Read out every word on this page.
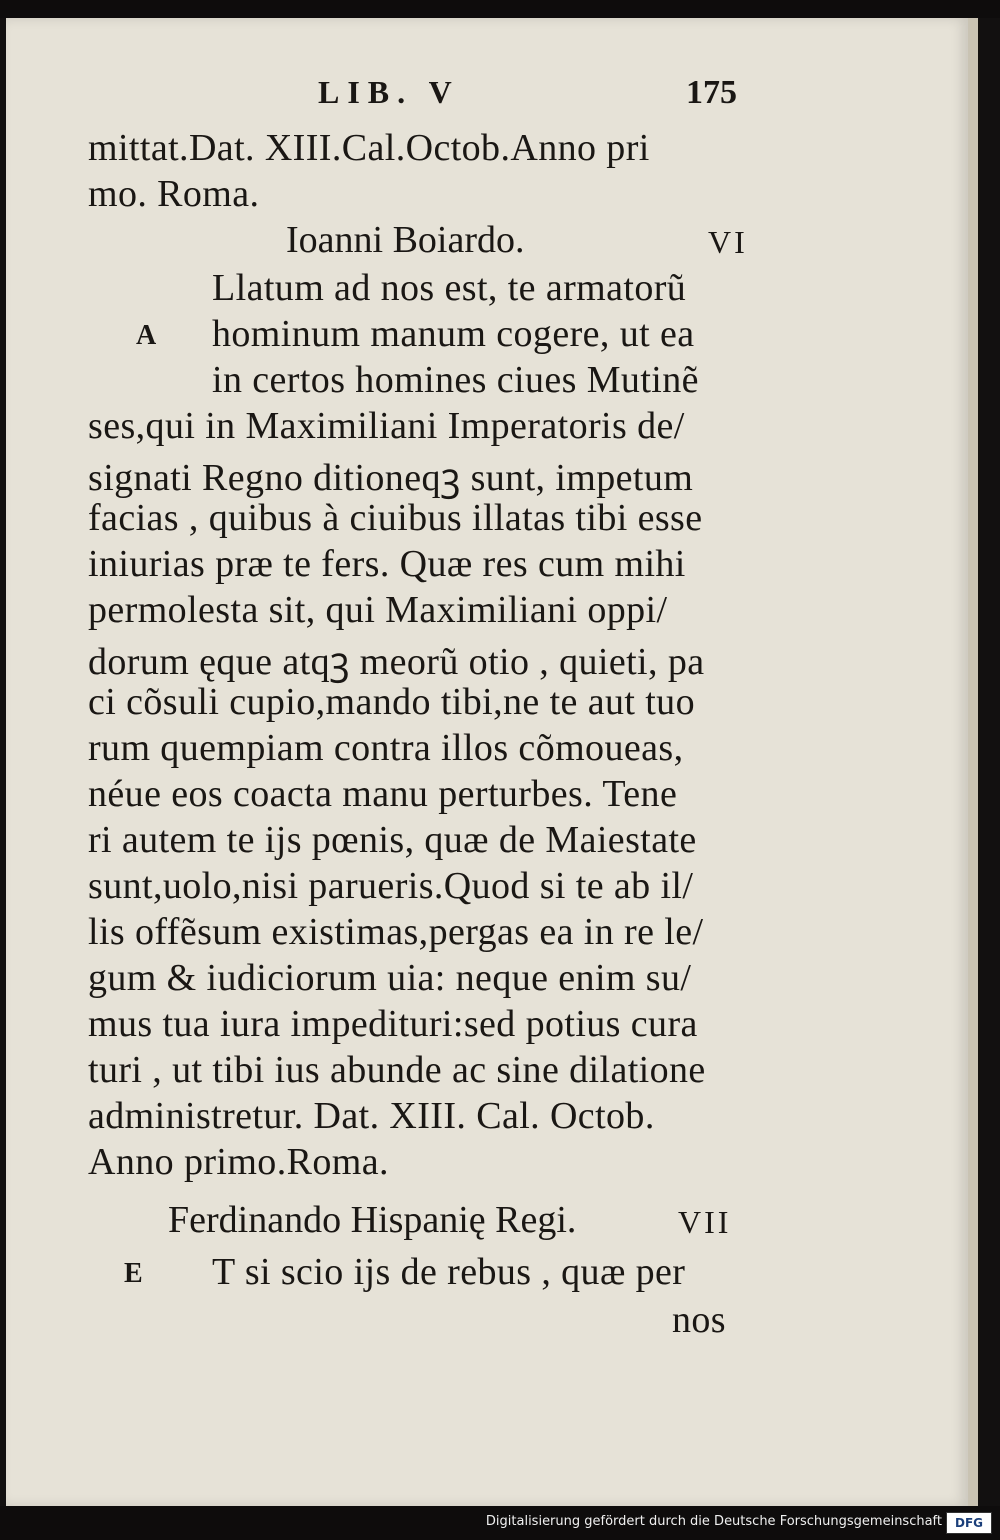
LIB. V	175
mittat.Dat. XIII.Cal.Octob.Anno pri
mo. Roma.
Ioanni Boiardo.	VI
A
Llatum ad nos est, te armatorũ
hominum manum cogere, ut ea
in certos homines ciues Mutinẽ
ses,qui in Maximiliani Imperatoris de/
signati Regno ditioneqꝫ sunt, impetum
facias , quibus à ciuibus illatas tibi esse
iniurias præ te fers. Quæ res cum mihi
permolesta sit, qui Maximiliani oppi/
dorum ęque atqꝫ meorũ otio , quieti, pa
ci cõsuli cupio,mando tibi,ne te aut tuo
rum quempiam contra illos cõmoueas,
néue eos coacta manu perturbes. Tene
ri autem te ijs pœnis, quæ de Maiestate
sunt,uolo,nisi parueris.Quod si te ab il/
lis offẽsum existimas,pergas ea in re le/
gum & iudiciorum uia: neque enim su/
mus tua iura impedituri:sed potius cura
turi , ut tibi ius abunde ac sine dilatione
administretur. Dat. XIII. Cal. Octob.
Anno primo.Roma.
Ferdinando Hispanię Regi.	VII
E T si scio ijs de rebus , quæ per
nos
Digitalisierung gefördert durch die Deutsche Forschungsgemeinschaft	DFG
